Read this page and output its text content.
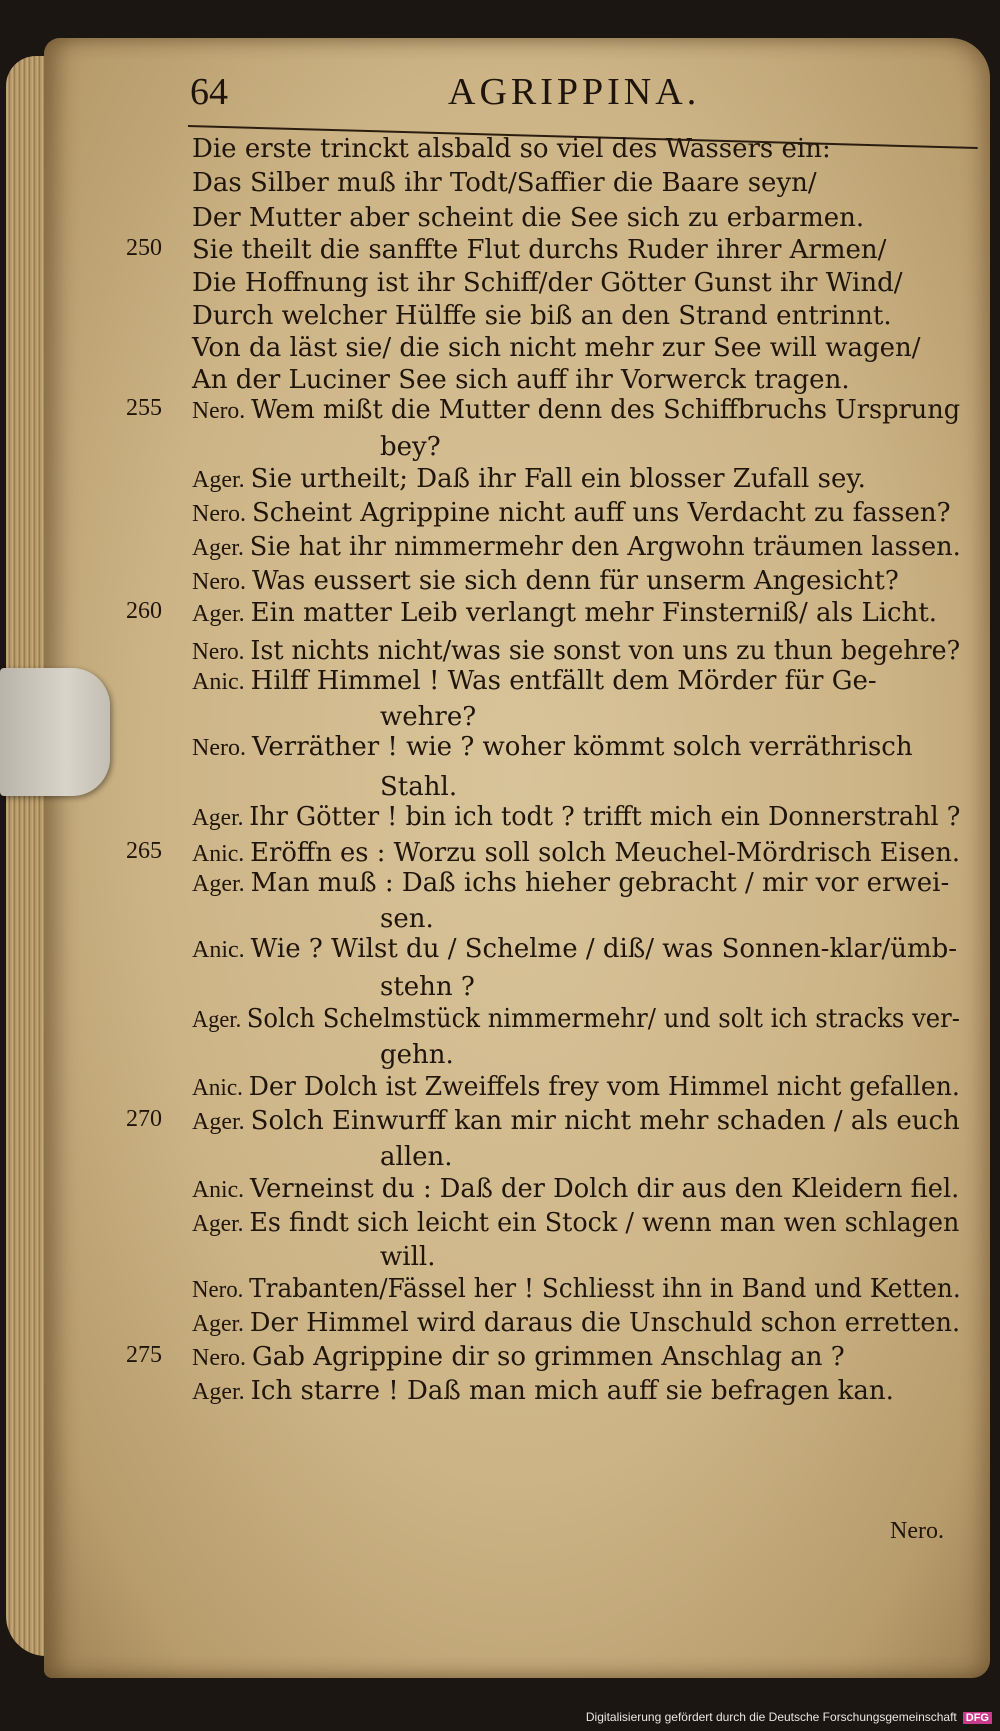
64	AGRIPPINA.
Die erste trinckt alsbald so viel des Wassers ein:
Das Silber muß ihr Todt/Saffier die Baare seyn/
Der Mutter aber scheint die See sich zu erbarmen.
250 Sie theilt die sanffte Flut durchs Ruder ihrer Armen/
Die Hoffnung ist ihr Schiff/der Götter Gunst ihr Wind/
Durch welcher Hülffe sie biß an den Strand entrinnt.
Von da läst sie/ die sich nicht mehr zur See will wagen/
An der Luciner See sich auff ihr Vorwerck tragen.
255 Nero. Wem mißt die Mutter denn des Schiffbruchs Ursprung
bey?
Ager. Sie urtheilt; Daß ihr Fall ein blosser Zufall sey.
Nero. Scheint Agrippine nicht auff uns Verdacht zu fassen?
Ager. Sie hat ihr nimmermehr den Argwohn träumen lassen.
Nero. Was eussert sie sich denn für unserm Angesicht?
260 Ager. Ein matter Leib verlangt mehr Finsterniß/ als Licht.
Nero. Ist nichts nicht/was sie sonst von uns zu thun begehre?
Anic. Hilff Himmel ! Was entfällt dem Mörder für Ge-
wehre?
Nero. Verräther ! wie ? woher kömmt solch verräthrisch
Stahl.
Ager. Ihr Götter ! bin ich todt ? trifft mich ein Donnerstrahl ?
265 Anic. Eröffn es : Worzu soll solch Meuchel-Mördrisch Eisen.
Ager. Man muß : Daß ichs hieher gebracht / mir vor erwei-
sen.
Anic. Wie ? Wilst du / Schelme / diß/ was Sonnen-klar/ümb-
stehn ?
Ager. Solch Schelmstück nimmermehr/ und solt ich stracks ver-
gehn.
Anic. Der Dolch ist Zweiffels frey vom Himmel nicht gefallen.
270 Ager. Solch Einwurff kan mir nicht mehr schaden / als euch
allen.
Anic. Verneinst du : Daß der Dolch dir aus den Kleidern fiel.
Ager. Es findt sich leicht ein Stock / wenn man wen schlagen
will.
Nero. Trabanten/Fässel her ! Schliesst ihn in Band und Ketten.
Ager. Der Himmel wird daraus die Unschuld schon erretten.
275 Nero. Gab Agrippine dir so grimmen Anschlag an ?
Ager. Ich starre ! Daß man mich auff sie befragen kan.
Nero.
Digitalisierung gefördert durch die Deutsche Forschungsgemeinschaft DFG
